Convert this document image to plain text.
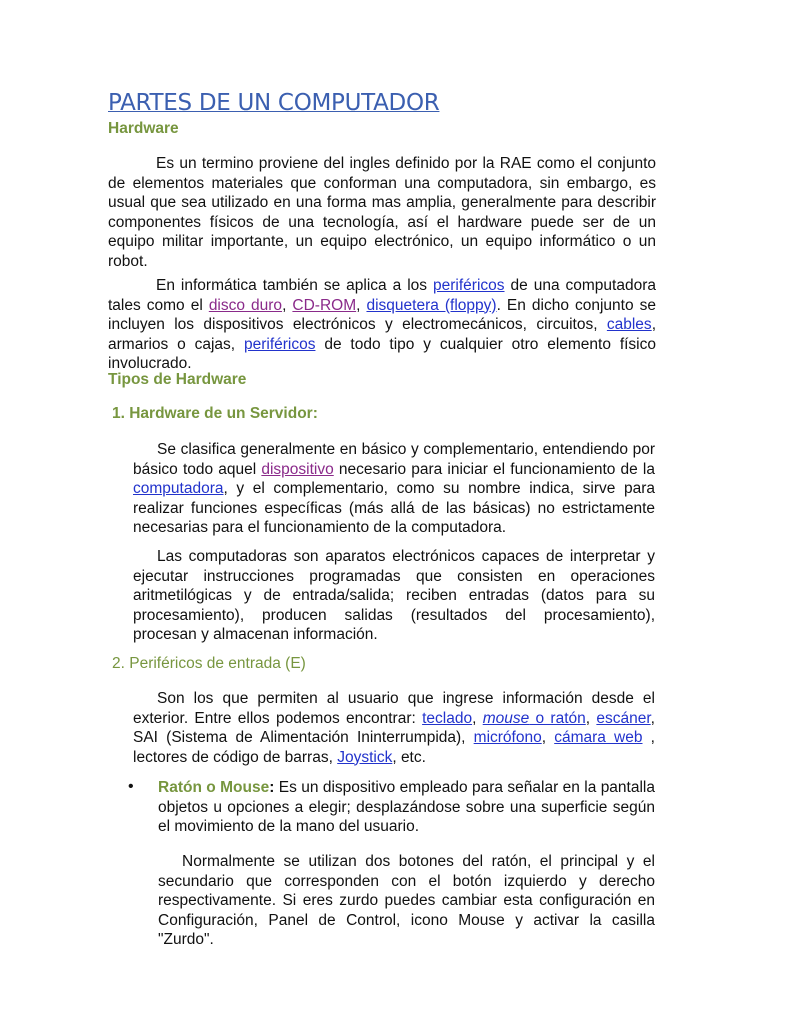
PARTES DE UN COMPUTADOR
Hardware

Es un termino proviene del ingles definido por la RAE como el conjunto de elementos materiales que conforman una computadora, sin embargo, es usual que sea utilizado en una forma mas amplia, generalmente para describir componentes físicos de una tecnología, así el hardware puede ser de un equipo militar importante, un equipo electrónico, un equipo informático o un robot.

En informática también se aplica a los periféricos de una computadora tales como el disco duro, CD-ROM, disquetera (floppy). En dicho conjunto se incluyen los dispositivos electrónicos y electromecánicos, circuitos, cables, armarios o cajas, periféricos de todo tipo y cualquier otro elemento físico involucrado.

Tipos de Hardware
1. Hardware de un Servidor:

Se clasifica generalmente en básico y complementario, entendiendo por básico todo aquel dispositivo necesario para iniciar el funcionamiento de la computadora, y el complementario, como su nombre indica, sirve para realizar funciones específicas (más allá de las básicas) no estrictamente necesarias para el funcionamiento de la computadora.

Las computadoras son aparatos electrónicos capaces de interpretar y ejecutar instrucciones programadas que consisten en operaciones aritmetilógicas y de entrada/salida; reciben entradas (datos para su procesamiento), producen salidas (resultados del procesamiento), procesan y almacenan información.

2. Periféricos de entrada (E)

Son los que permiten al usuario que ingrese información desde el exterior. Entre ellos podemos encontrar: teclado, mouse o ratón, escáner, SAI (Sistema de Alimentación Ininterrumpida), micrófono, cámara web , lectores de código de barras, Joystick, etc.

• Ratón o Mouse: Es un dispositivo empleado para señalar en la pantalla objetos u opciones a elegir; desplazándose sobre una superficie según el movimiento de la mano del usuario.

Normalmente se utilizan dos botones del ratón, el principal y el secundario que corresponden con el botón izquierdo y derecho respectivamente. Si eres zurdo puedes cambiar esta configuración en Configuración, Panel de Control, icono Mouse y activar la casilla "Zurdo".
